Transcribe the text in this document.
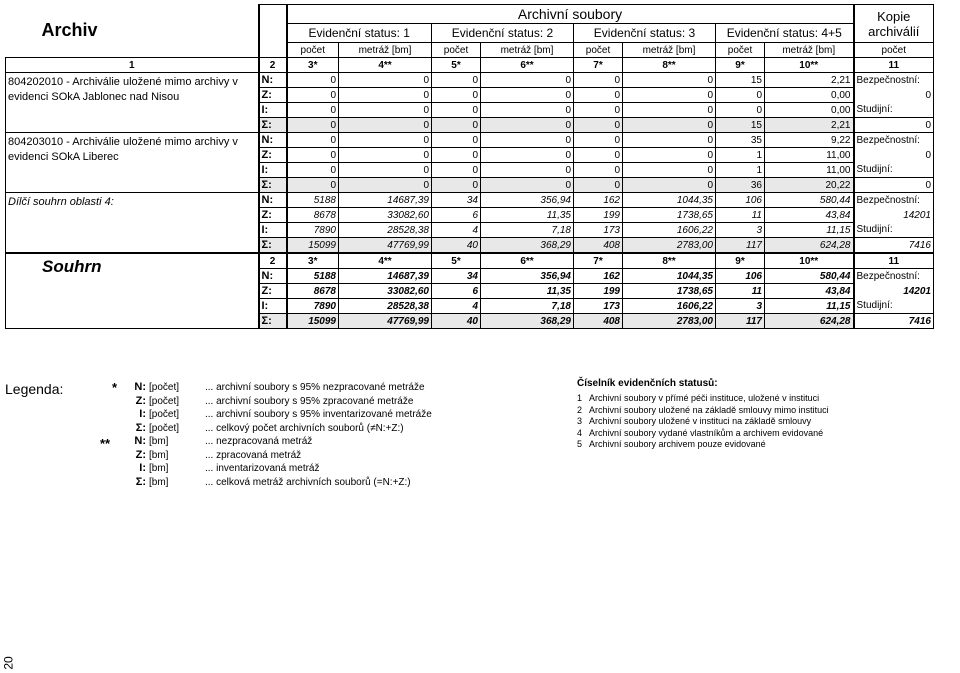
Archiv		Archivní soubory								Kopie archiválií
		Evidenční status: 1		Evidenční status: 2		Evidenční status: 3		Evidenční status: 4+5		
		počet	metráž [bm]	počet	metráž [bm]	počet	metráž [bm]	počet	metráž [bm]	počet
1	2	3*	4**	5*	6**	7*	8**	9*	10**	11
804202010 - Archiválie uložené mimo archivy v evidenci SOkA Jablonec nad Nisou	N:	0	0	0	0	0	0	15	2,21	Bezpečnostní:
	Z:	0	0	0	0	0	0	0	0,00	0
	I:	0	0	0	0	0	0	0	0,00	Studijní:
	Σ:	0	0	0	0	0	0	15	2,21	0
804203010 - Archiválie uložené mimo archivy v evidenci SOkA Liberec	N:	0	0	0	0	0	0	35	9,22	Bezpečnostní:
	Z:	0	0	0	0	0	0	1	11,00	0
	I:	0	0	0	0	0	0	1	11,00	Studijní:
	Σ:	0	0	0	0	0	0	36	20,22	0
Dílčí souhrn oblasti 4:	N:	5188	14687,39	34	356,94	162	1044,35	106	580,44	Bezpečnostní:
	Z:	8678	33082,60	6	11,35	199	1738,65	11	43,84	14201
	I:	7890	28528,38	4	7,18	173	1606,22	3	11,15	Studijní:
	Σ:	15099	47769,99	40	368,29	408	2783,00	117	624,28	7416
Souhrn	2	3*	4**	5*	6**	7*	8**	9*	10**	11
	N:	5188	14687,39	34	356,94	162	1044,35	106	580,44	Bezpečnostní:
	Z:	8678	33082,60	6	11,35	199	1738,65	11	43,84	14201
	I:	7890	28528,38	4	7,18	173	1606,22	3	11,15	Studijní:
	Σ:	15099	47769,99	40	368,29	408	2783,00	117	624,28	7416
Legenda:	*
**
N: [počet]	... archivní soubory s 95% nezpracované metráže
Z: [počet]	... archivní soubory s 95% zpracované metráže
I: [počet]	... archivní soubory s 95% inventarizované metráže
Σ: [počet]	... celkový počet archivních souborů (≠N:+Z:)
N: [bm]	... nezpracovaná metráž
Z: [bm]	... zpracovaná metráž
I: [bm]	... inventarizovaná metráž
Σ: [bm]	... celková metráž archivních souborů (=N:+Z:)
Číselník evidenčních statusů:
1   Archivní soubory v přímé péči instituce, uložené v instituci
2   Archivní soubory uložené na základě smlouvy mimo instituci
3   Archivní soubory uložené v instituci na základě smlouvy
4   Archivní soubory vydané vlastníkům a archivem evidované
5   Archivní soubory archivem pouze evidované
20
